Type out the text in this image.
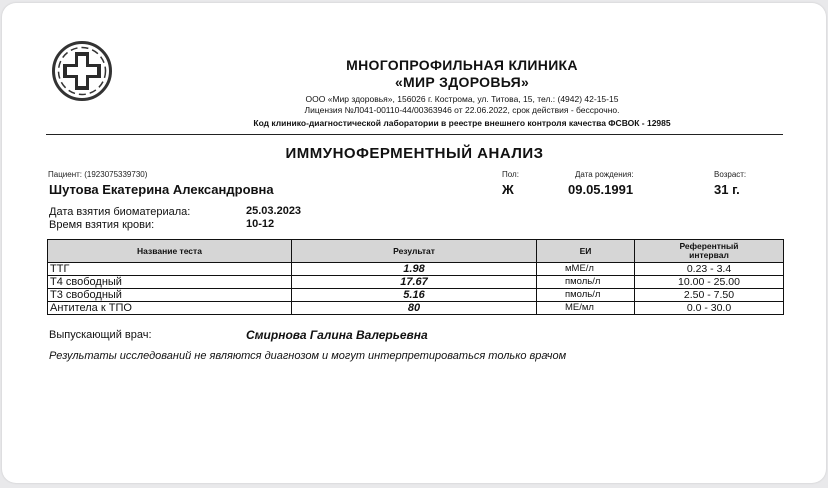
МНОГОПРОФИЛЬНАЯ КЛИНИКА
«МИР ЗДОРОВЬЯ»
ООО «Мир здоровья», 156026 г. Кострома, ул. Титова, 15, тел.: (4942) 42-15-15
Лицензия №Л041-00110-44/00363946 от 22.06.2022, срок действия - бессрочно.
Код клинико-диагностической лаборатории в реестре внешнего контроля качества ФСВОК - 12985
ИММУНОФЕРМЕНТНЫЙ АНАЛИЗ
Пациент: (1923075339730)
Шутова Екатерина Александровна
Пол:
Ж
Дата рождения:
09.05.1991
Возраст:
31 г.
Дата взятия биоматериала:	25.03.2023
Время взятия крови:	10-12
Название теста	Результат	ЕИ	Референтный
интервал
ТТГ	1.98	мМЕ/л	0.23 - 3.4
Т4 свободный	17.67	пмоль/л	10.00 - 25.00
Т3 свободный	5.16	пмоль/л	2.50 - 7.50
Антитела к ТПО	80	МЕ/мл	0.0 - 30.0
Выпускающий врач:	Смирнова Галина Валерьевна
Результаты исследований не являются диагнозом и могут интерпретироваться только врачом
